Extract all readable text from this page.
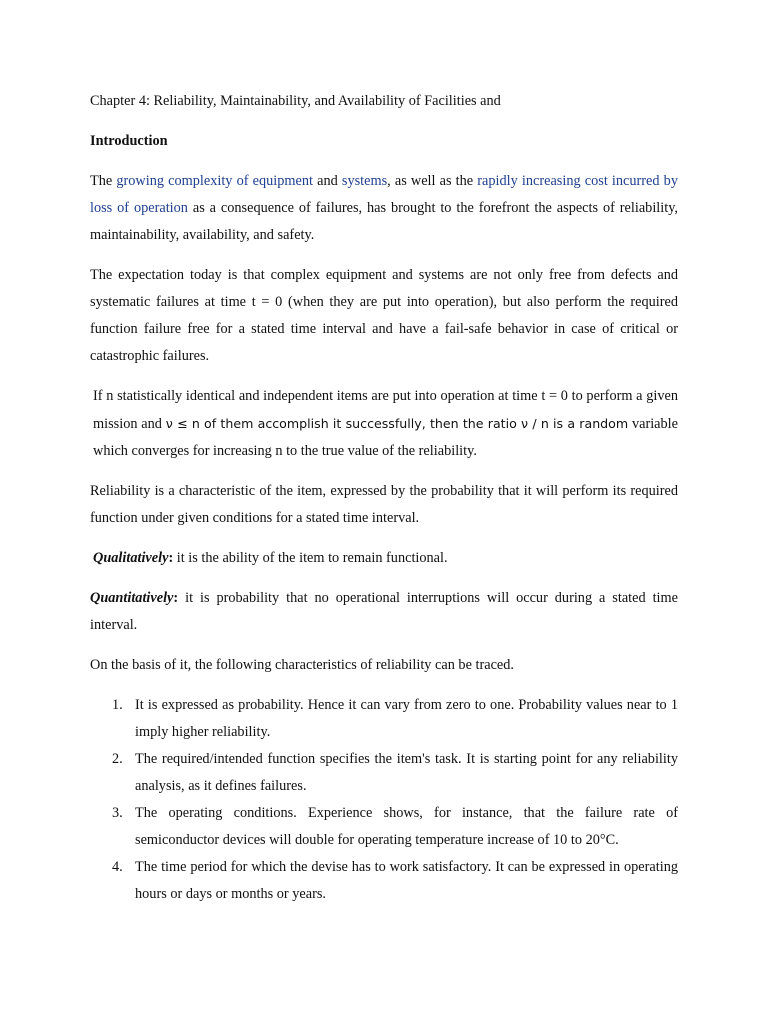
Chapter 4: Reliability, Maintainability, and Availability of Facilities and

Introduction

The growing complexity of equipment and systems, as well as the rapidly increasing cost incurred by loss of operation as a consequence of failures, has brought to the forefront the aspects of reliability, maintainability, availability, and safety.

The expectation today is that complex equipment and systems are not only free from defects and systematic failures at time t = 0 (when they are put into operation), but also perform the required function failure free for a stated time interval and have a fail-safe behavior in case of critical or catastrophic failures.

If n statistically identical and independent items are put into operation at time t = 0 to perform a given mission and ν ≤ n of them accomplish it successfully, then the ratio ν / n is a random variable which converges for increasing n to the true value of the reliability.

Reliability is a characteristic of the item, expressed by the probability that it will perform its required function under given conditions for a stated time interval.

Qualitatively: it is the ability of the item to remain functional.

Quantitatively: it is probability that no operational interruptions will occur during a stated time interval.

On the basis of it, the following characteristics of reliability can be traced.

1. It is expressed as probability. Hence it can vary from zero to one. Probability values near to 1 imply higher reliability.
2. The required/intended function specifies the item's task. It is starting point for any reliability analysis, as it defines failures.
3. The operating conditions. Experience shows, for instance, that the failure rate of semiconductor devices will double for operating temperature increase of 10 to 20°C.
4. The time period for which the devise has to work satisfactory. It can be expressed in operating hours or days or months or years.
